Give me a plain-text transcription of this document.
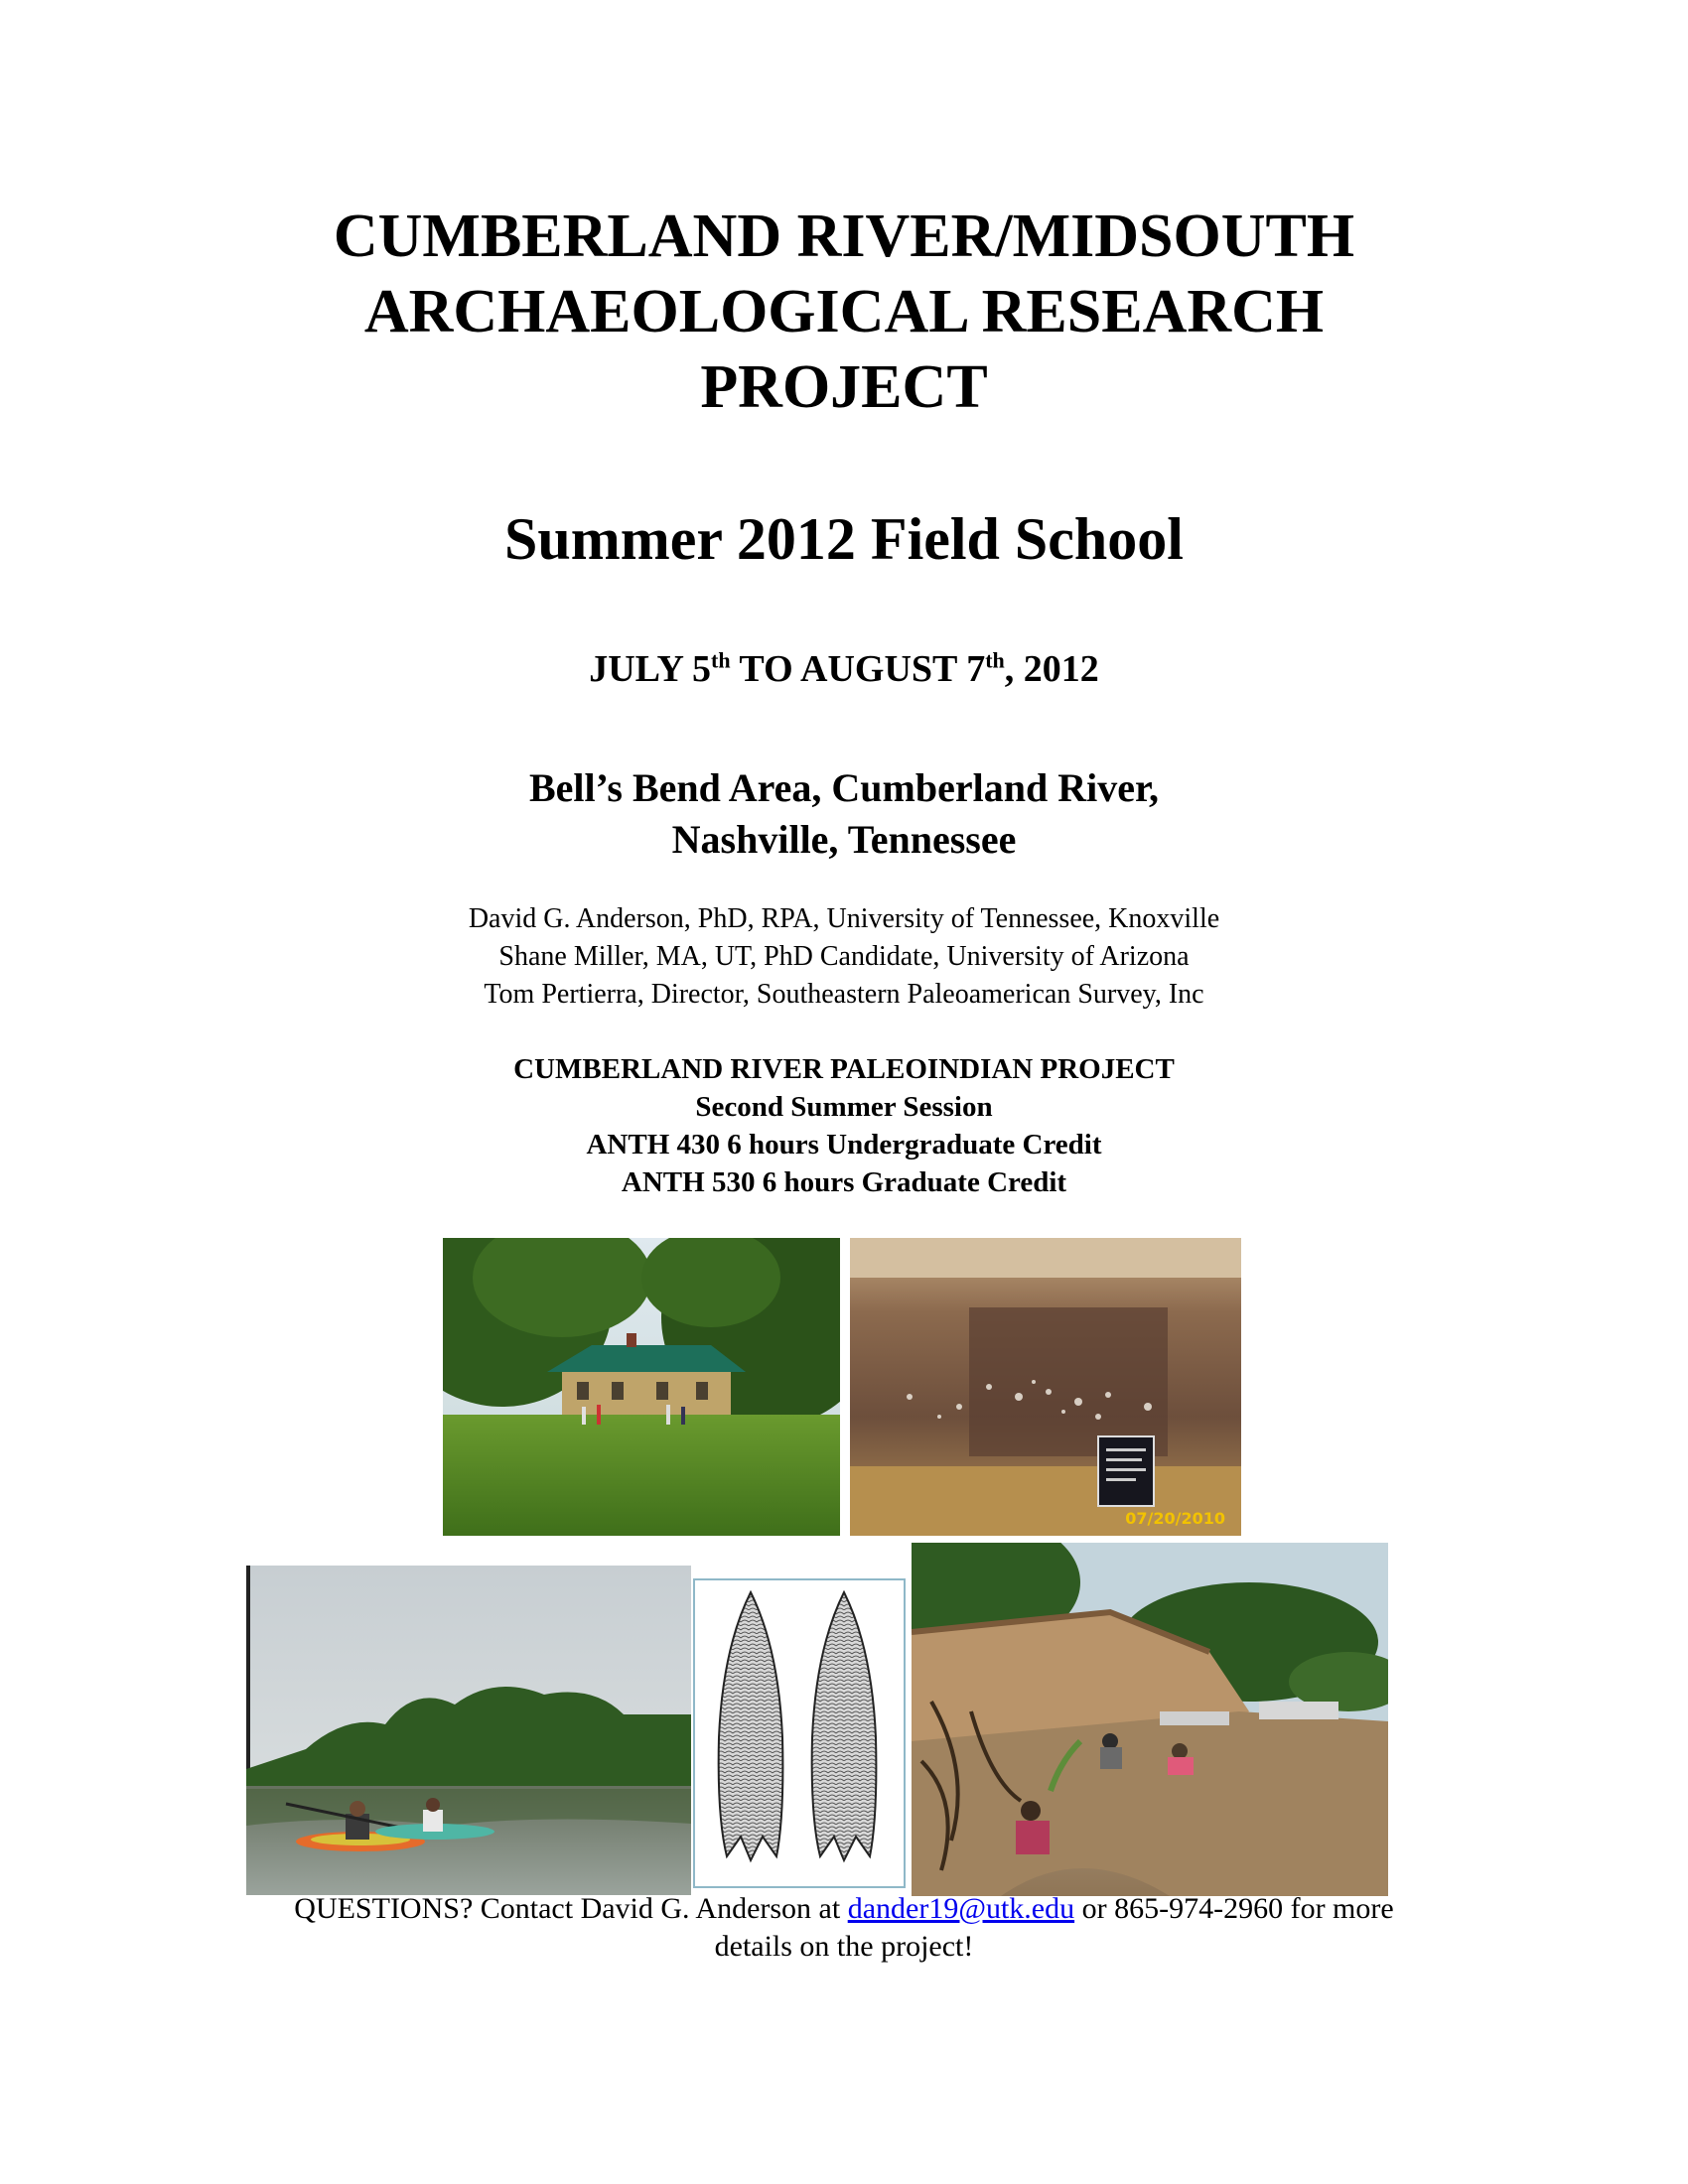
CUMBERLAND RIVER/MIDSOUTH
ARCHAEOLOGICAL RESEARCH
PROJECT
Summer 2012 Field School
JULY 5th TO AUGUST 7th, 2012
Bell’s Bend Area, Cumberland River,
Nashville, Tennessee
David G. Anderson, PhD, RPA, University of Tennessee, Knoxville
Shane Miller, MA, UT, PhD Candidate, University of Arizona
Tom Pertierra, Director, Southeastern Paleoamerican Survey, Inc
CUMBERLAND RIVER PALEOINDIAN PROJECT
Second Summer Session
ANTH 430 6 hours Undergraduate Credit
ANTH 530 6 hours Graduate Credit
07/20/2010
QUESTIONS? Contact David G. Anderson at dander19@utk.edu or 865-974-2960 for more
details on the project!
